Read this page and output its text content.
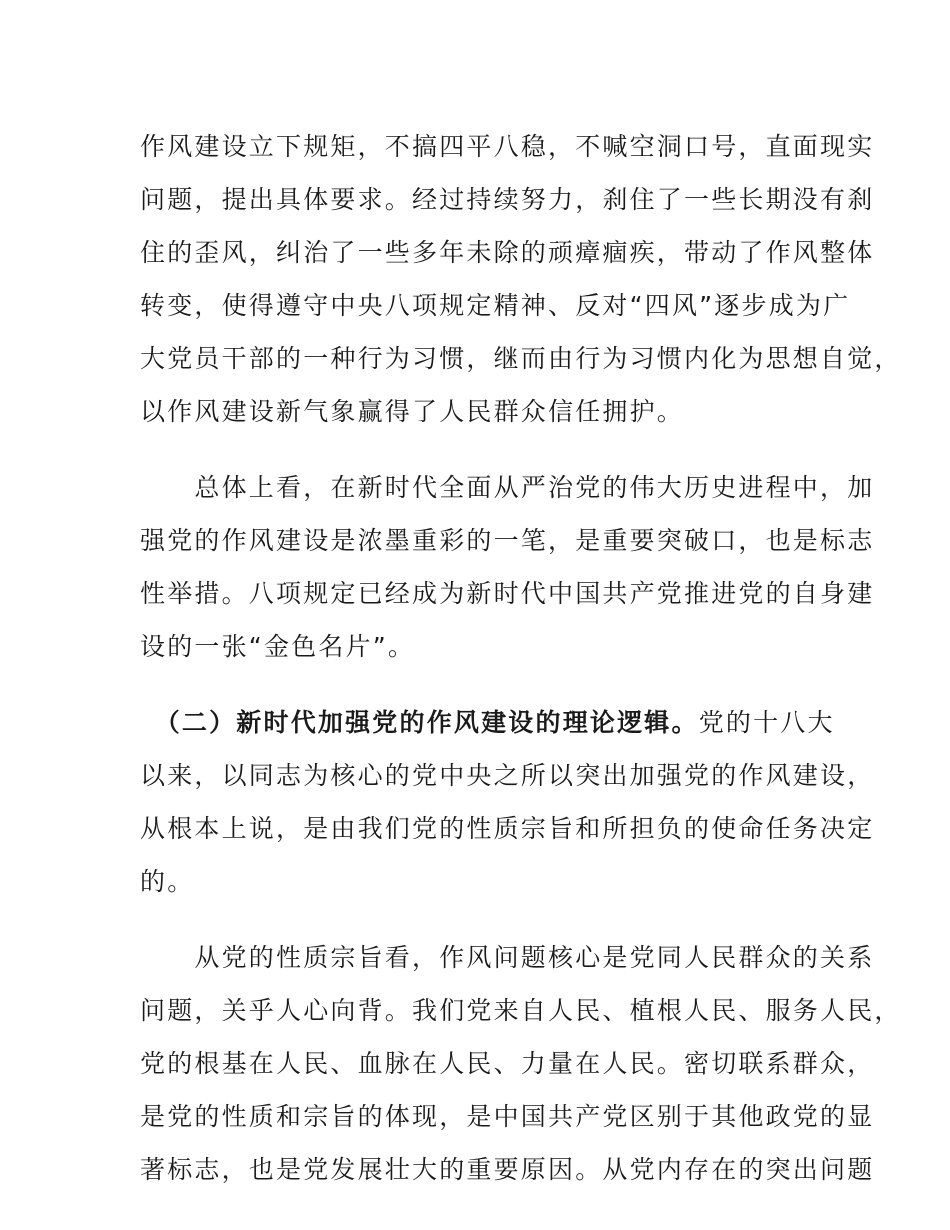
作风建设立下规矩，不搞四平八稳，不喊空洞口号，直面现实
问题，提出具体要求。经过持续努力，刹住了一些长期没有刹
住的歪风，纠治了一些多年未除的顽瘴痼疾，带动了作风整体
转变，使得遵守中央八项规定精神、反对“四风”逐步成为广
大党员干部的一种行为习惯，继而由行为习惯内化为思想自觉，
以作风建设新气象赢得了人民群众信任拥护。
　　总体上看，在新时代全面从严治党的伟大历史进程中，加
强党的作风建设是浓墨重彩的一笔，是重要突破口，也是标志
性举措。八项规定已经成为新时代中国共产党推进党的自身建
设的一张“金色名片”。
　（二）新时代加强党的作风建设的理论逻辑。党的十八大
以来，以同志为核心的党中央之所以突出加强党的作风建设，
从根本上说，是由我们党的性质宗旨和所担负的使命任务决定
的。
　　从党的性质宗旨看，作风问题核心是党同人民群众的关系
问题，关乎人心向背。我们党来自人民、植根人民、服务人民，
党的根基在人民、血脉在人民、力量在人民。密切联系群众，
是党的性质和宗旨的体现，是中国共产党区别于其他政党的显
著标志，也是党发展壮大的重要原因。从党内存在的突出问题
